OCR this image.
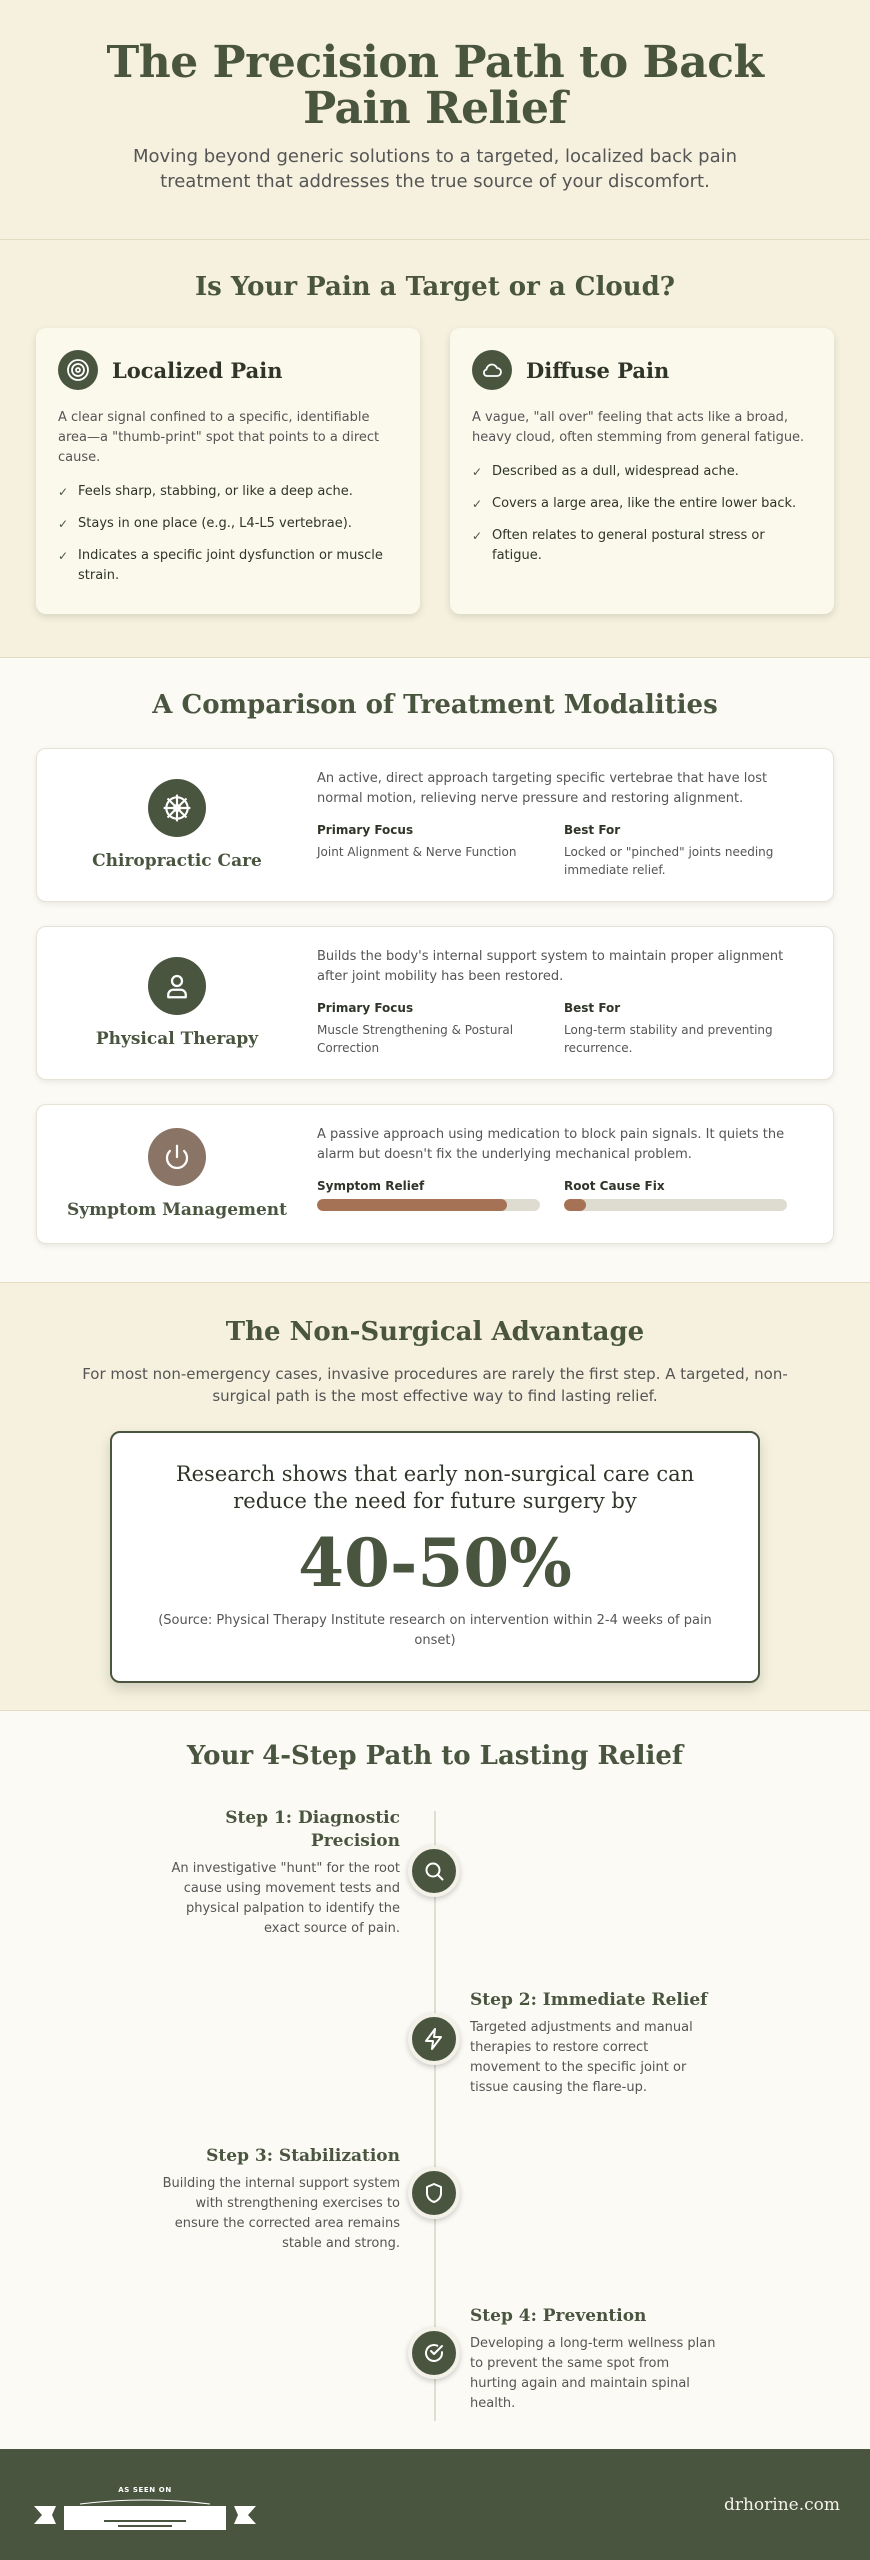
The Precision Path to Back Pain Relief

Moving beyond generic solutions to a targeted, localized back pain treatment that addresses the true source of your discomfort.

Is Your Pain a Target or a Cloud?
Localized Pain

A clear signal confined to a specific, identifiable area—a "thumb-print" spot that points to a direct cause.

✓ Feels sharp, stabbing, or like a deep ache.
✓ Stays in one place (e.g., L4-L5 vertebrae).
✓ Indicates a specific joint dysfunction or muscle strain.
Diffuse Pain

A vague, "all over" feeling that acts like a broad, heavy cloud, often stemming from general fatigue.

✓ Described as a dull, widespread ache.
✓ Covers a large area, like the entire lower back.
✓ Often relates to general postural stress or fatigue.
A Comparison of Treatment Modalities
Chiropractic Care

An active, direct approach targeting specific vertebrae that have lost normal motion, relieving nerve pressure and restoring alignment.

Primary Focus
Joint Alignment & Nerve Function
Best For
Locked or "pinched" joints needing immediate relief.
Physical Therapy

Builds the body's internal support system to maintain proper alignment after joint mobility has been restored.

Primary Focus
Muscle Strengthening & Postural Correction
Best For
Long-term stability and preventing recurrence.
Symptom Management

A passive approach using medication to block pain signals. It quiets the alarm but doesn't fix the underlying mechanical problem.

Symptom Relief	Root Cause Fix
The Non-Surgical Advantage

For most non-emergency cases, invasive procedures are rarely the first step. A targeted, non-surgical path is the most effective way to find lasting relief.

Research shows that early non-surgical care can reduce the need for future surgery by

40-50%

(Source: Physical Therapy Institute research on intervention within 2-4 weeks of pain onset)

Your 4-Step Path to Lasting Relief
Step 1: Diagnostic Precision

An investigative "hunt" for the root cause using movement tests and physical palpation to identify the exact source of pain.

Step 2: Immediate Relief

Targeted adjustments and manual therapies to restore correct movement to the specific joint or tissue causing the flare-up.

Step 3: Stabilization

Building the internal support system with strengthening exercises to ensure the corrected area remains stable and strong.

Step 4: Prevention

Developing a long-term wellness plan to prevent the same spot from hurting again and maintain spinal health.

AS SEEN ON
drhorine.com
